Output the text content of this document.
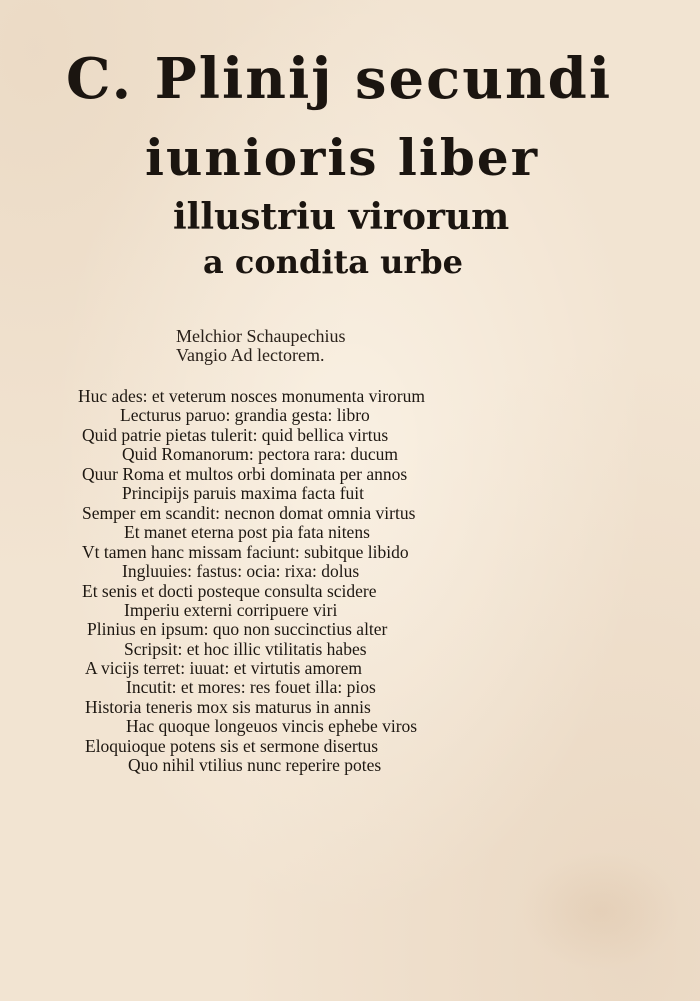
C. Plinij secundi
iunioris liber
illustriu virorum
a condita urbe
Melchior Schaupechius
Vangio Ad lectorem.
Huc ades: et veterum nosces monumenta virorum
Lecturus paruo: grandia gesta: libro
Quid patrie pietas tulerit: quid bellica virtus
Quid Romanorum: pectora rara: ducum
Quur Roma et multos orbi dominata per annos
Principijs paruis maxima facta fuit
Semper em scandit: necnon domat omnia virtus
Et manet eterna post pia fata nitens
Vt tamen hanc missam faciunt: subitque libido
Ingluuies: fastus: ocia: rixa: dolus
Et senis et docti posteque consulta scidere
Imperiu externi corripuere viri
Plinius en ipsum: quo non succinctius alter
Scripsit: et hoc illic vtilitatis habes
A vicijs terret: iuuat: et virtutis amorem
Incutit: et mores: res fouet illa: pios
Historia teneris mox sis maturus in annis
Hac quoque longeuos vincis ephebe viros
Eloquioque potens sis et sermone disertus
Quo nihil vtilius nunc reperire potes
